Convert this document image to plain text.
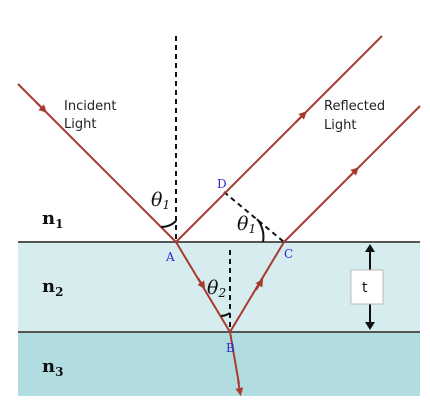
t
Incident
Light
Reflected
Light
A
B
C
D
$n_1$
$n_2$
$n_3$
θ1
θ1
θ2
